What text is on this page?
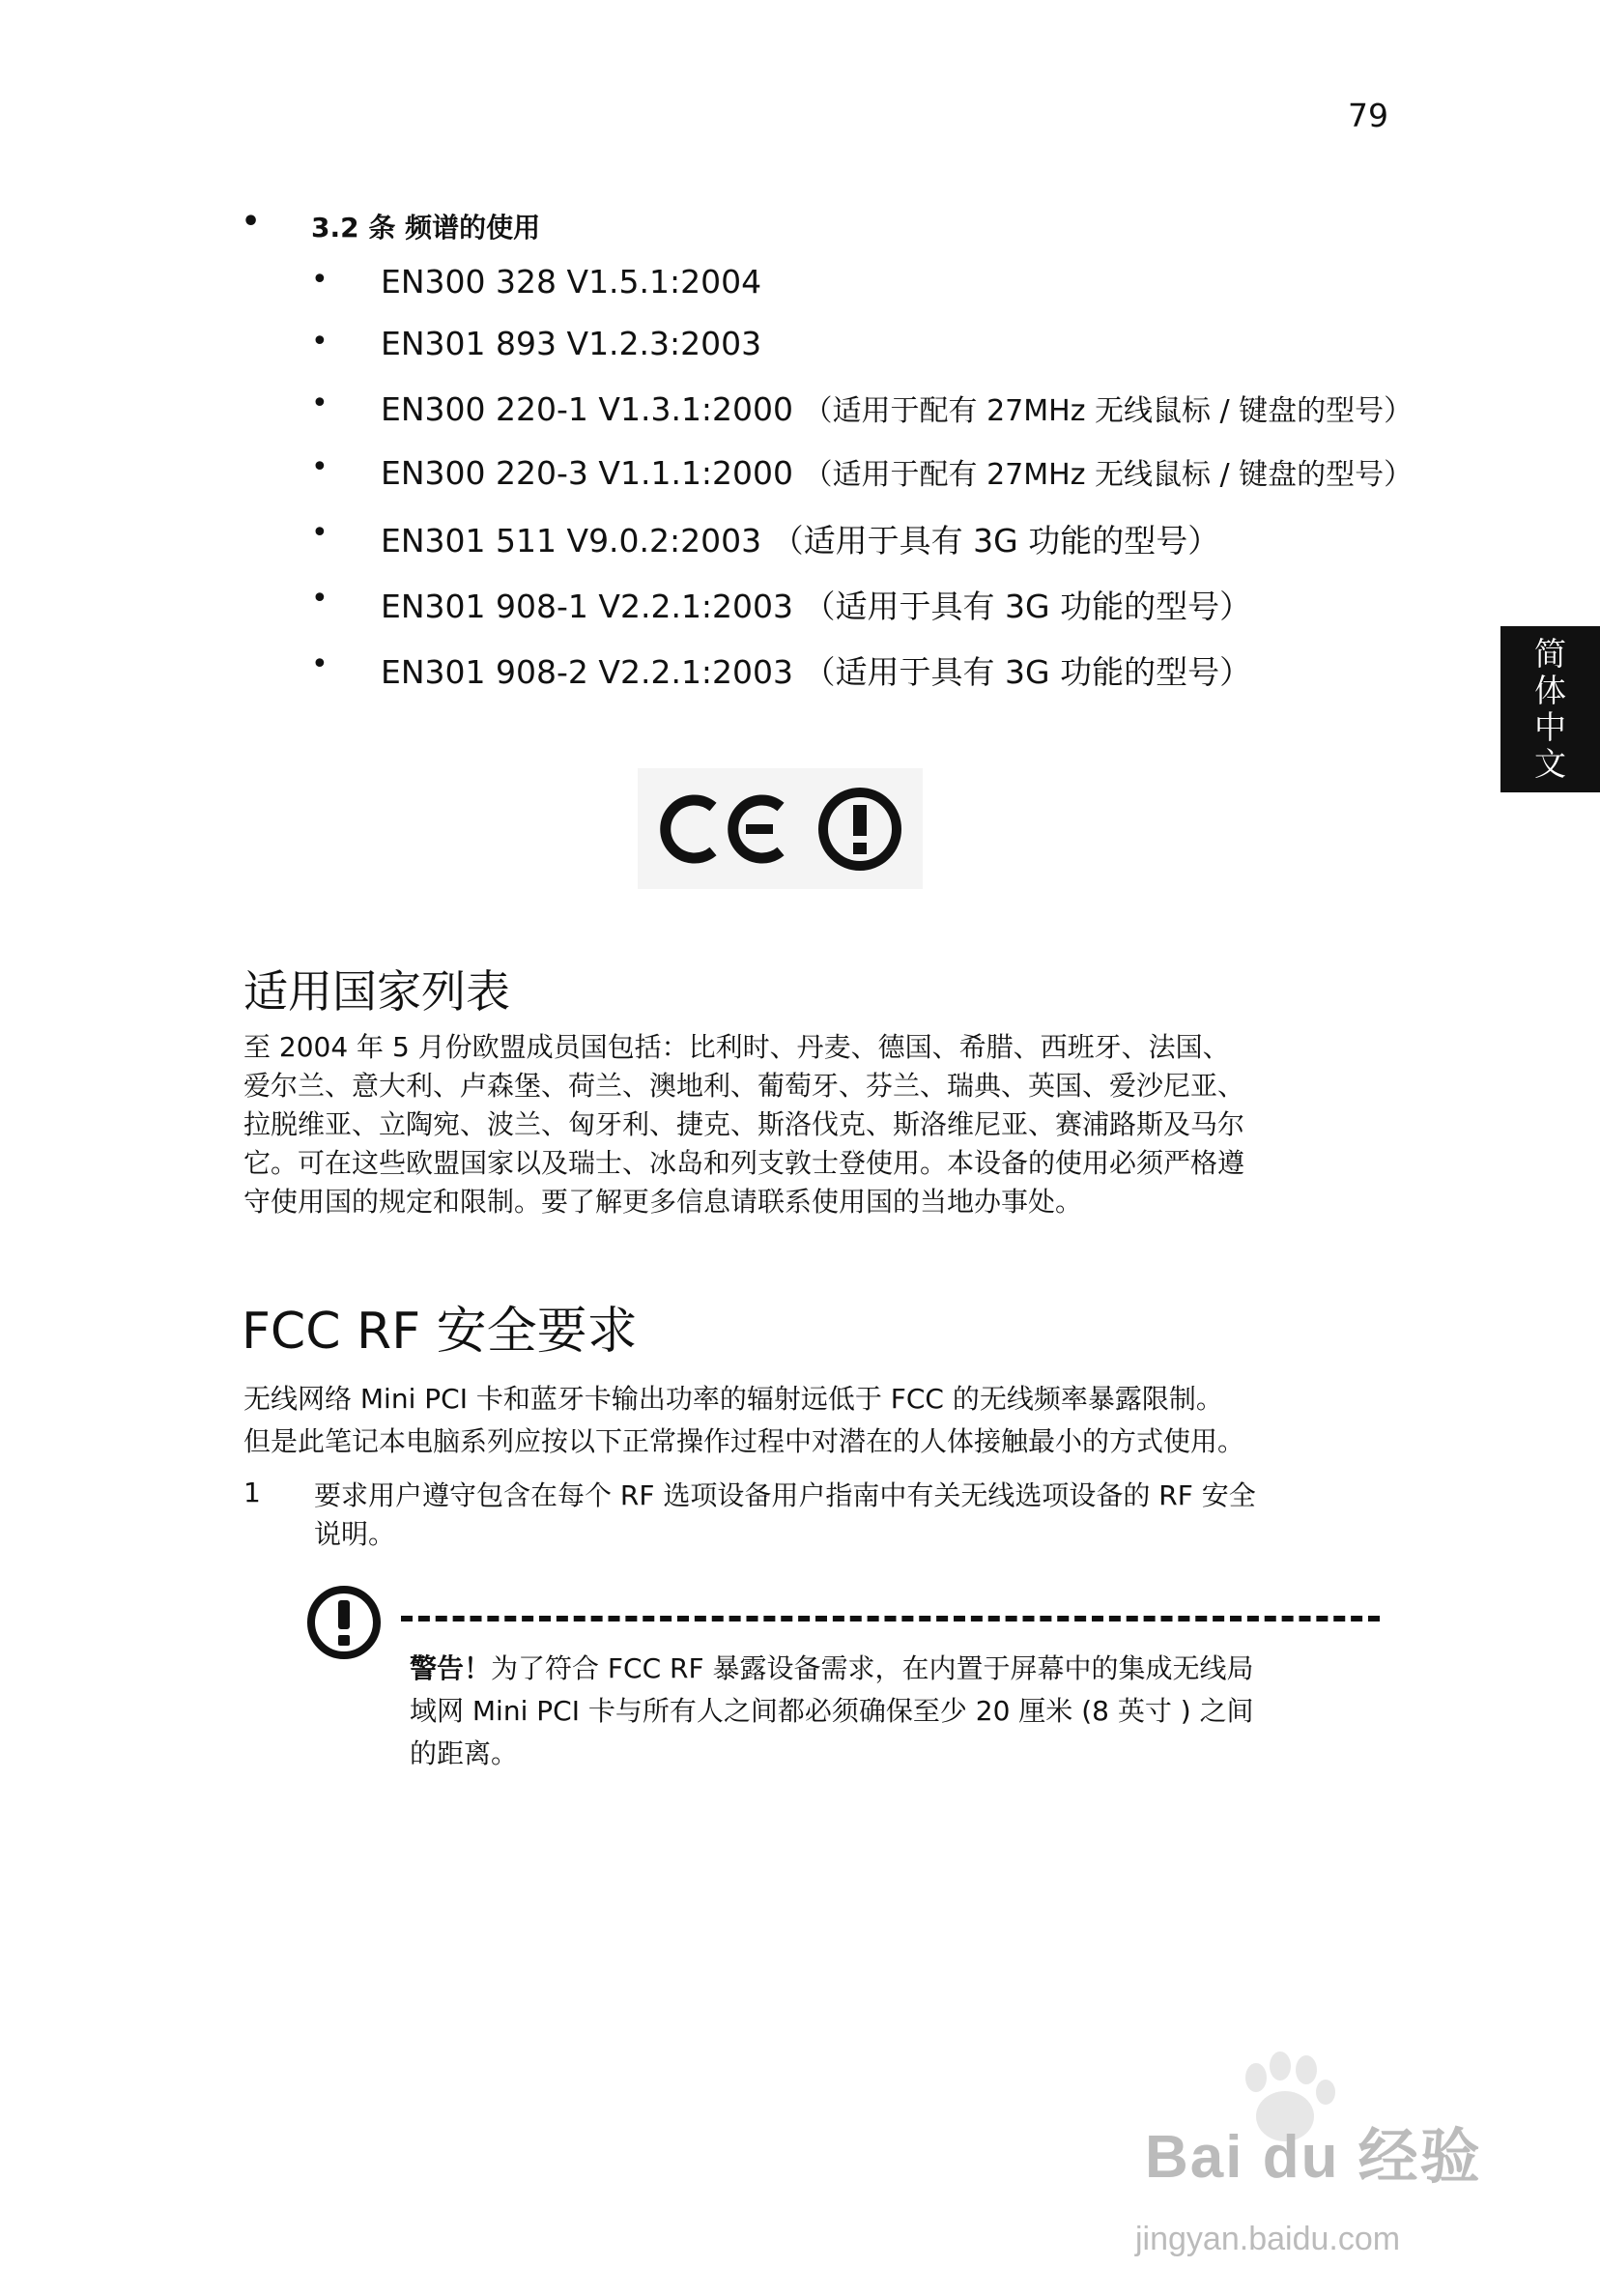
79
简
体
中
文
• 3.2 条 频谱的使用
• EN300 328 V1.5.1:2004
• EN301 893 V1.2.3:2003
• EN300 220-1 V1.3.1:2000 （适用于配有 27MHz 无线鼠标 / 键盘的型号）
• EN300 220-3 V1.1.1:2000 （适用于配有 27MHz 无线鼠标 / 键盘的型号）
• EN301 511 V9.0.2:2003 （适用于具有 3G 功能的型号）
• EN301 908-1 V2.2.1:2003 （适用于具有 3G 功能的型号）
• EN301 908-2 V2.2.1:2003 （适用于具有 3G 功能的型号）
适用国家列表
至 2004 年 5 月份欧盟成员国包括：比利时、丹麦、德国、希腊、西班牙、法国、
爱尔兰、意大利、卢森堡、荷兰、澳地利、葡萄牙、芬兰、瑞典、英国、爱沙尼亚、
拉脱维亚、立陶宛、波兰、匈牙利、捷克、斯洛伐克、斯洛维尼亚、赛浦路斯及马尔
它。可在这些欧盟国家以及瑞士、冰岛和列支敦士登使用。本设备的使用必须严格遵
守使用国的规定和限制。要了解更多信息请联系使用国的当地办事处。
FCC RF 安全要求
无线网络 Mini PCI 卡和蓝牙卡输出功率的辐射远低于 FCC 的无线频率暴露限制。
但是此笔记本电脑系列应按以下正常操作过程中对潜在的人体接触最小的方式使用。
1 要求用户遵守包含在每个 RF 选项设备用户指南中有关无线选项设备的 RF 安全
说明。
警告！为了符合 FCC RF 暴露设备需求，在内置于屏幕中的集成无线局
域网 Mini PCI 卡与所有人之间都必须确保至少 20 厘米 (8 英寸 ) 之间
的距离。
Bai du 经验
jingyan.baidu.com
